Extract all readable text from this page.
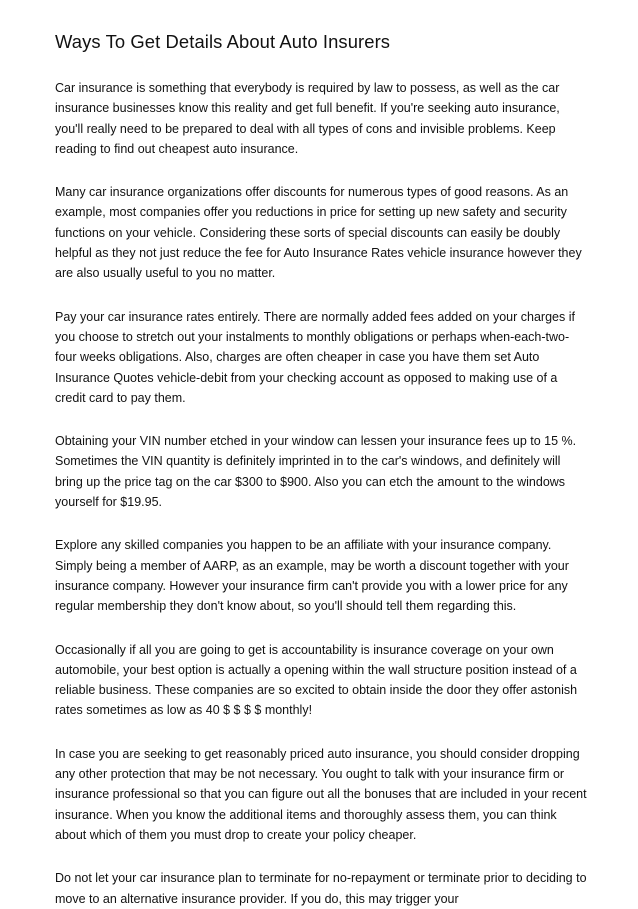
Ways To Get Details About Auto Insurers

Car insurance is something that everybody is required by law to possess, as well as the car insurance businesses know this reality and get full benefit. If you're seeking auto insurance, you'll really need to be prepared to deal with all types of cons and invisible problems. Keep reading to find out cheapest auto insurance.

Many car insurance organizations offer discounts for numerous types of good reasons. As an example, most companies offer you reductions in price for setting up new safety and security functions on your vehicle. Considering these sorts of special discounts can easily be doubly helpful as they not just reduce the fee for Auto Insurance Rates vehicle insurance however they are also usually useful to you no matter.

Pay your car insurance rates entirely. There are normally added fees added on your charges if you choose to stretch out your instalments to monthly obligations or perhaps when-each-two-four weeks obligations. Also, charges are often cheaper in case you have them set Auto Insurance Quotes vehicle-debit from your checking account as opposed to making use of a credit card to pay them.

Obtaining your VIN number etched in your window can lessen your insurance fees up to 15 %. Sometimes the VIN quantity is definitely imprinted in to the car's windows, and definitely will bring up the price tag on the car $300 to $900. Also you can etch the amount to the windows yourself for $19.95.

Explore any skilled companies you happen to be an affiliate with your insurance company. Simply being a member of AARP, as an example, may be worth a discount together with your insurance company. However your insurance firm can't provide you with a lower price for any regular membership they don't know about, so you'll should tell them regarding this.

Occasionally if all you are going to get is accountability is insurance coverage on your own automobile, your best option is actually a opening within the wall structure position instead of a reliable business. These companies are so excited to obtain inside the door they offer astonish rates sometimes as low as 40 $ $ $ $ monthly!

In case you are seeking to get reasonably priced auto insurance, you should consider dropping any other protection that may be not necessary. You ought to talk with your insurance firm or insurance professional so that you can figure out all the bonuses that are included in your recent insurance. When you know the additional items and thoroughly assess them, you can think about which of them you must drop to create your policy cheaper.

Do not let your car insurance plan to terminate for no-repayment or terminate prior to deciding to move to an alternative insurance provider. If you do, this may trigger your
